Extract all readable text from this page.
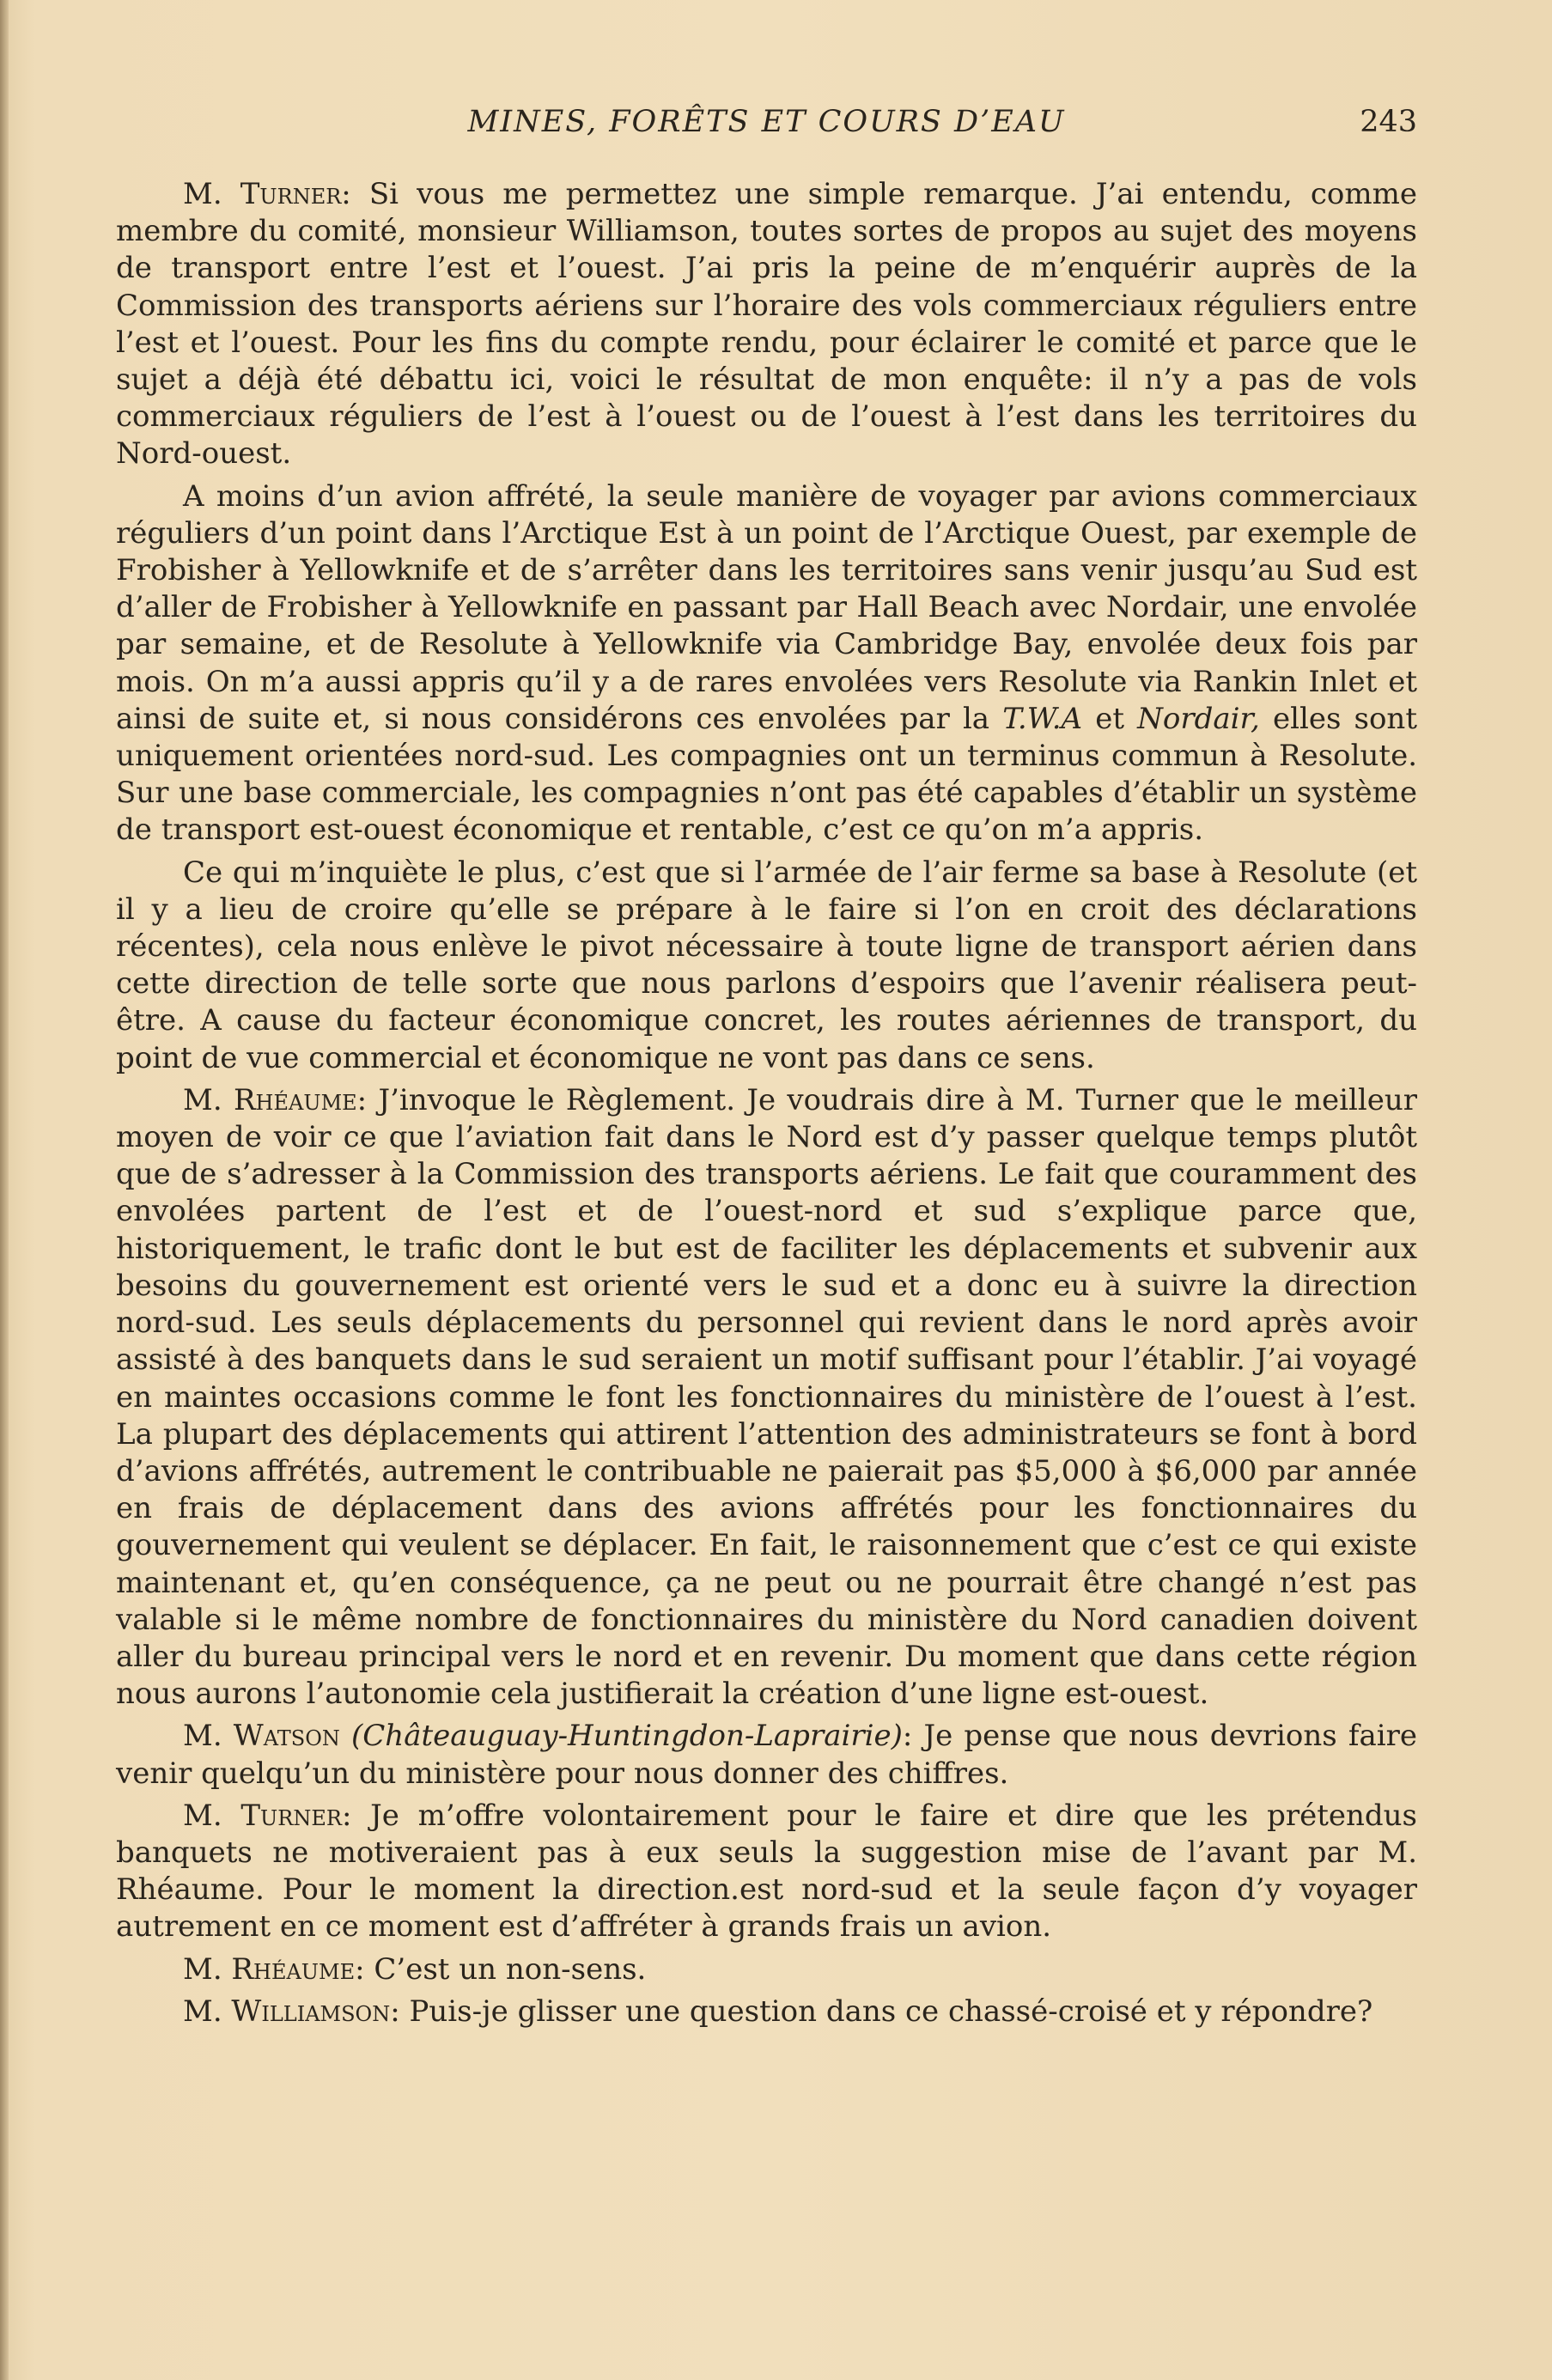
MINES, FORÊTS ET COURS D’EAU	243

M. Turner: Si vous me permettez une simple remarque. J’ai entendu, comme membre du comité, monsieur Williamson, toutes sortes de propos au sujet des moyens de transport entre l’est et l’ouest. J’ai pris la peine de m’enquérir auprès de la Commission des transports aériens sur l’horaire des vols commerciaux réguliers entre l’est et l’ouest. Pour les fins du compte rendu, pour éclairer le comité et parce que le sujet a déjà été débattu ici, voici le résultat de mon enquête: il n’y a pas de vols commerciaux réguliers de l’est à l’ouest ou de l’ouest à l’est dans les territoires du Nord-ouest.

A moins d’un avion affrété, la seule manière de voyager par avions commerciaux réguliers d’un point dans l’Arctique Est à un point de l’Arctique Ouest, par exemple de Frobisher à Yellowknife et de s’arrêter dans les territoires sans venir jusqu’au Sud est d’aller de Frobisher à Yellowknife en passant par Hall Beach avec Nordair, une envolée par semaine, et de Resolute à Yellowknife via Cambridge Bay, envolée deux fois par mois. On m’a aussi appris qu’il y a de rares envolées vers Resolute via Rankin Inlet et ainsi de suite et, si nous considérons ces envolées par la T.W.A et Nordair, elles sont uniquement orientées nord-sud. Les compagnies ont un terminus commun à Resolute. Sur une base commerciale, les compagnies n’ont pas été capables d’établir un système de transport est-ouest économique et rentable, c’est ce qu’on m’a appris.

Ce qui m’inquiète le plus, c’est que si l’armée de l’air ferme sa base à Resolute (et il y a lieu de croire qu’elle se prépare à le faire si l’on en croit des déclarations récentes), cela nous enlève le pivot nécessaire à toute ligne de transport aérien dans cette direction de telle sorte que nous parlons d’espoirs que l’avenir réalisera peut-être. A cause du facteur économique concret, les routes aériennes de transport, du point de vue commercial et économique ne vont pas dans ce sens.

M. Rhéaume: J’invoque le Règlement. Je voudrais dire à M. Turner que le meilleur moyen de voir ce que l’aviation fait dans le Nord est d’y passer quelque temps plutôt que de s’adresser à la Commission des transports aériens. Le fait que couramment des envolées partent de l’est et de l’ouest-nord et sud s’explique parce que, historiquement, le trafic dont le but est de faciliter les déplacements et subvenir aux besoins du gouvernement est orienté vers le sud et a donc eu à suivre la direction nord-sud. Les seuls déplacements du personnel qui revient dans le nord après avoir assisté à des banquets dans le sud seraient un motif suffisant pour l’établir. J’ai voyagé en maintes occasions comme le font les fonctionnaires du ministère de l’ouest à l’est. La plupart des déplacements qui attirent l’attention des administrateurs se font à bord d’avions affrétés, autrement le contribuable ne paierait pas $5,000 à $6,000 par année en frais de déplacement dans des avions affrétés pour les fonctionnaires du gouvernement qui veulent se déplacer. En fait, le raisonnement que c’est ce qui existe maintenant et, qu’en conséquence, ça ne peut ou ne pourrait être changé n’est pas valable si le même nombre de fonctionnaires du ministère du Nord canadien doivent aller du bureau principal vers le nord et en revenir. Du moment que dans cette région nous aurons l’autonomie cela justifierait la création d’une ligne est-ouest.

M. Watson (Châteauguay-Huntingdon-Laprairie): Je pense que nous devrions faire venir quelqu’un du ministère pour nous donner des chiffres.

M. Turner: Je m’offre volontairement pour le faire et dire que les prétendus banquets ne motiveraient pas à eux seuls la suggestion mise de l’avant par M. Rhéaume. Pour le moment la direction.est nord-sud et la seule façon d’y voyager autrement en ce moment est d’affréter à grands frais un avion.

M. Rhéaume: C’est un non-sens.

M. Williamson: Puis-je glisser une question dans ce chassé-croisé et y répondre?
